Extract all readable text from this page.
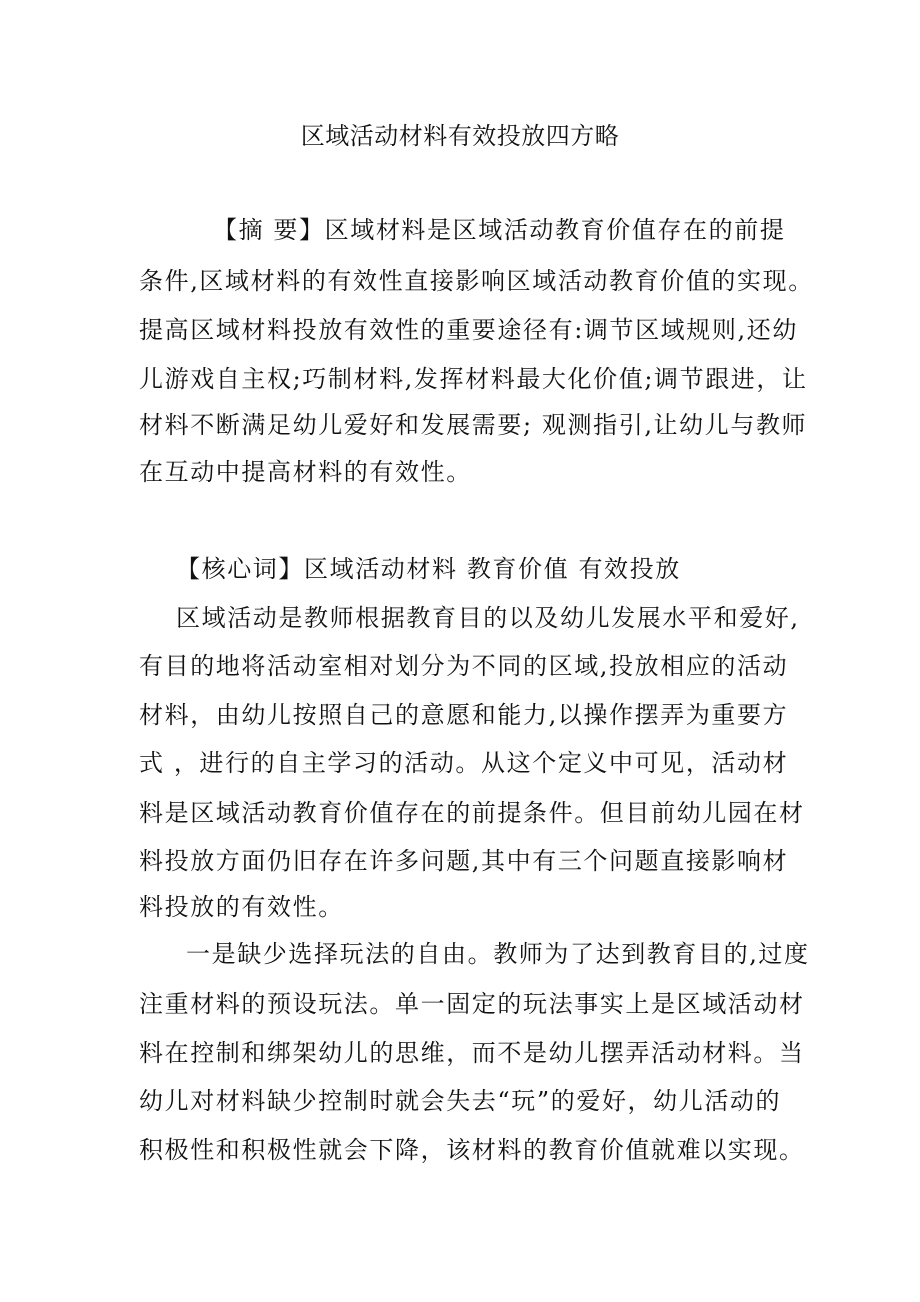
区域活动材料有效投放四方略
【摘 要】区域材料是区域活动教育价值存在的前提
条件,区域材料的有效性直接影响区域活动教育价值的实现。
提高区域材料投放有效性的重要途径有:调节区域规则,还幼
儿游戏自主权;巧制材料,发挥材料最大化价值;调节跟进，让
材料不断满足幼儿爱好和发展需要; 观测指引,让幼儿与教师
在互动中提高材料的有效性。
【核心词】区域活动材料 教育价值 有效投放
区域活动是教师根据教育目的以及幼儿发展水平和爱好,
有目的地将活动室相对划分为不同的区域,投放相应的活动
材料，由幼儿按照自己的意愿和能力,以操作摆弄为重要方
式 ，进行的自主学习的活动。从这个定义中可见，活动材
料是区域活动教育价值存在的前提条件。但目前幼儿园在材
料投放方面仍旧存在许多问题,其中有三个问题直接影响材
料投放的有效性。
一是缺少选择玩法的自由。教师为了达到教育目的,过度
注重材料的预设玩法。单一固定的玩法事实上是区域活动材
料在控制和绑架幼儿的思维，而不是幼儿摆弄活动材料。当
幼儿对材料缺少控制时就会失去“玩”的爱好，幼儿活动的
积极性和积极性就会下降，该材料的教育价值就难以实现。
